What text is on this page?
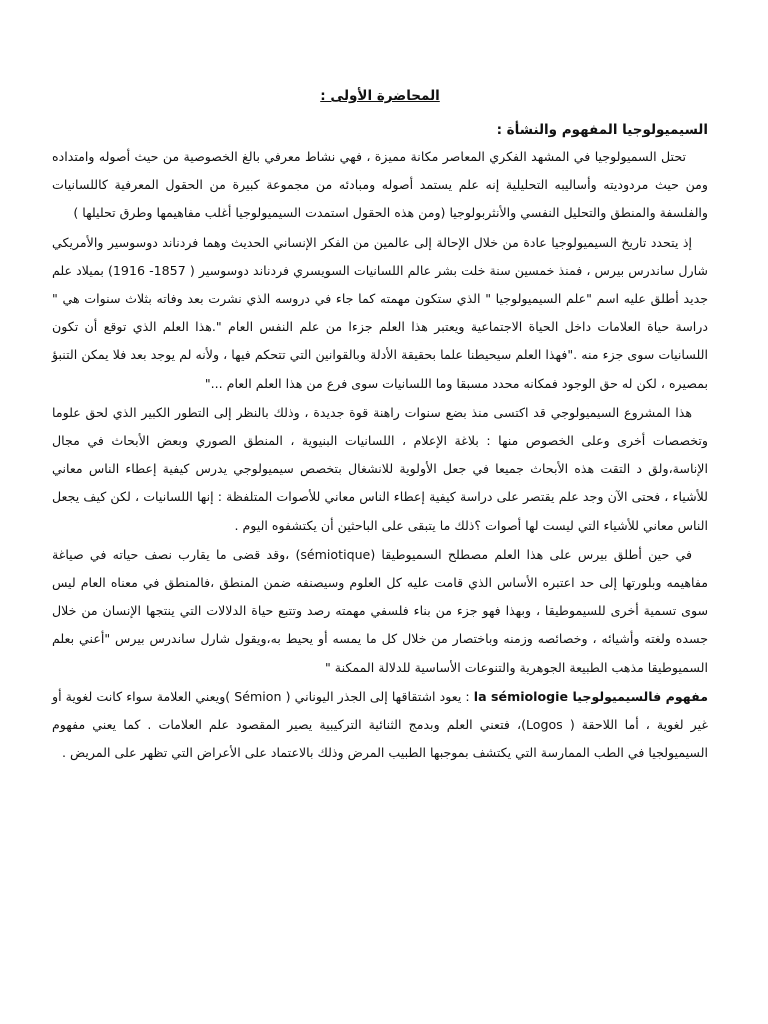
المحاضرة الأولى :
السيميولوجيا المفهوم والنشأة :

تحتل السميولوجيا في المشهد الفكري المعاصر مكانة مميزة ، فهي نشاط معرفي بالغ الخصوصية من حيث أصوله وامتداده ومن حيث مردوديته وأساليبه التحليلية إنه علم يستمد أصوله ومبادئه من مجموعة كبيرة من الحقول المعرفية كاللسانيات والفلسفة والمنطق والتحليل النفسي والأنثربولوجيا (ومن هذه الحقول استمدت السيميولوجيا أغلب مفاهيمها وطرق تحليلها )

إذ يتحدد تاريخ السيميولوجيا عادة من خلال الإحالة إلى عالمين من الفكر الإنساني الحديث وهما فردناند دوسوسير والأمريكي شارل ساندرس بيرس ، فمنذ خمسين سنة خلت بشر عالم اللسانيات السويسري فردناند دوسوسير ( 1857- 1916) بميلاد علم جديد أطلق عليه اسم "علم السيميولوجيا " الذي ستكون مهمته كما جاء في دروسه الذي نشرت بعد وفاته بثلاث سنوات هي " دراسة حياة العلامات داخل الحياة الاجتماعية ويعتبر هذا العلم جزءا من علم النفس العام ".هذا العلم الذي توقع أن تكون اللسانيات سوى جزء منه ."فهذا العلم سيحيطنا علما بحقيقة الأدلة وبالقوانين التي تتحكم فيها ، ولأنه لم يوجد بعد فلا يمكن التنبؤ بمصيره ، لكن له حق الوجود فمكانه محدد مسبقا وما اللسانيات سوى فرع من هذا العلم العام ..."

هذا المشروع السيميولوجي قد اكتسى منذ بضع سنوات راهنة قوة جديدة ، وذلك بالنظر إلى التطور الكبير الذي لحق علوما وتخصصات أخرى وعلى الخصوص منها : بلاغة الإعلام ، اللسانيات البنيوية ، المنطق الصوري وبعض الأبحاث في مجال الإناسة،ولق د التقت هذه الأبحاث جميعا في جعل الأولوية للانشغال بتخصص سيميولوجي يدرس كيفية إعطاء الناس معاني للأشياء ، فحتى الآن وجد علم يقتصر على دراسة كيفية إعطاء الناس معاني للأصوات المتلفظة : إنها اللسانيات ، لكن كيف يجعل الناس معاني للأشياء التي ليست لها أصوات ؟ذلك ما يتبقى على الباحثين أن يكتشفوه اليوم .

في حين أطلق بيرس على هذا العلم مصطلح السميوطيقا (sémiotique) ،وقد قضى ما يقارب نصف حياته في صياغة مفاهيمه وبلورتها إلى حد اعتبره الأساس الذي قامت عليه كل العلوم وسيصنفه ضمن المنطق ،فالمنطق في معناه العام ليس سوى تسمية أخرى للسيموطيقا ، وبهذا فهو جزء من بناء فلسفي مهمته رصد وتتبع حياة الدلالات التي ينتجها الإنسان من خلال جسده ولغته وأشيائه ، وخصائصه وزمنه وباختصار من خلال كل ما يمسه أو يحيط به،ويقول شارل ساندرس بيرس "أعني بعلم السميوطيقا مذهب الطبيعة الجوهرية والتنوعات الأساسية للدلالة الممكنة "

مفهوم فالسيميولوجيا la sémiologie : يعود اشتقاقها إلى الجذر اليوناني ( Sémion )ويعني العلامة سواء كانت لغوية أو غير لغوية ، أما اللاحقة ( Logos)، فتعني العلم وبدمج الثنائية التركيبية يصير المقصود علم العلامات . كما يعني مفهوم السيميولجيا في الطب الممارسة التي يكتشف بموجبها الطبيب المرض وذلك بالاعتماد على الأعراض التي تظهر على المريض .
